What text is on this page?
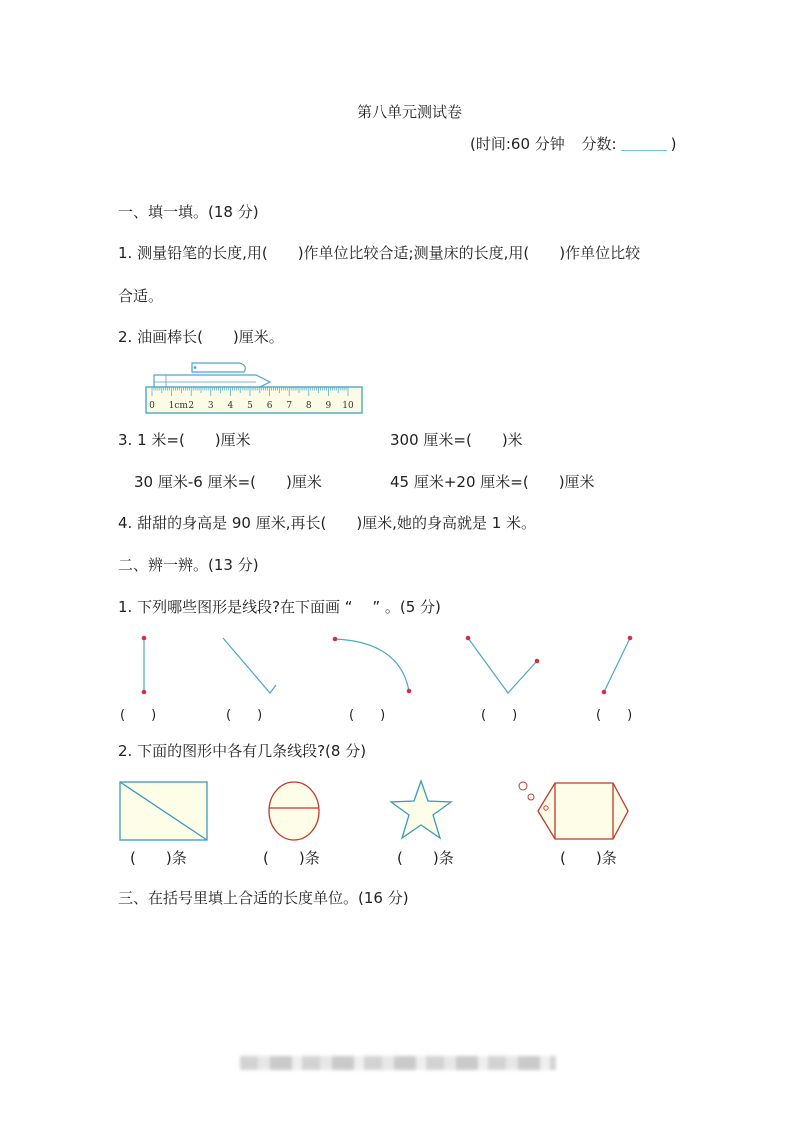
第八单元测试卷
(时间:60 分钟 分数:	)
一、填一填。(18 分)
1. 测量铅笔的长度,用(　　)作单位比较合适;测量床的长度,用(　　)作单位比较
合适。
2. 油画棒长(　　)厘米。
0 1cm 2 3 4 5 6 7 8 9 10
3. 1 米=(　　)厘米	300 厘米=(　　)米
30 厘米-6 厘米=(　　)厘米	45 厘米+20 厘米=(　　)厘米
4. 甜甜的身高是 90 厘米,再长(　　)厘米,她的身高就是 1 米。
二、辨一辨。(13 分)
1. 下列哪些图形是线段?在下面画 “　 ” 。(5 分)
(　　)	(　　)	(　　)	(　　)	(　　)
2. 下面的图形中各有几条线段?(8 分)
(　　)条	(　　)条	(　　)条	(　　)条
三、在括号里填上合适的长度单位。(16 分)
